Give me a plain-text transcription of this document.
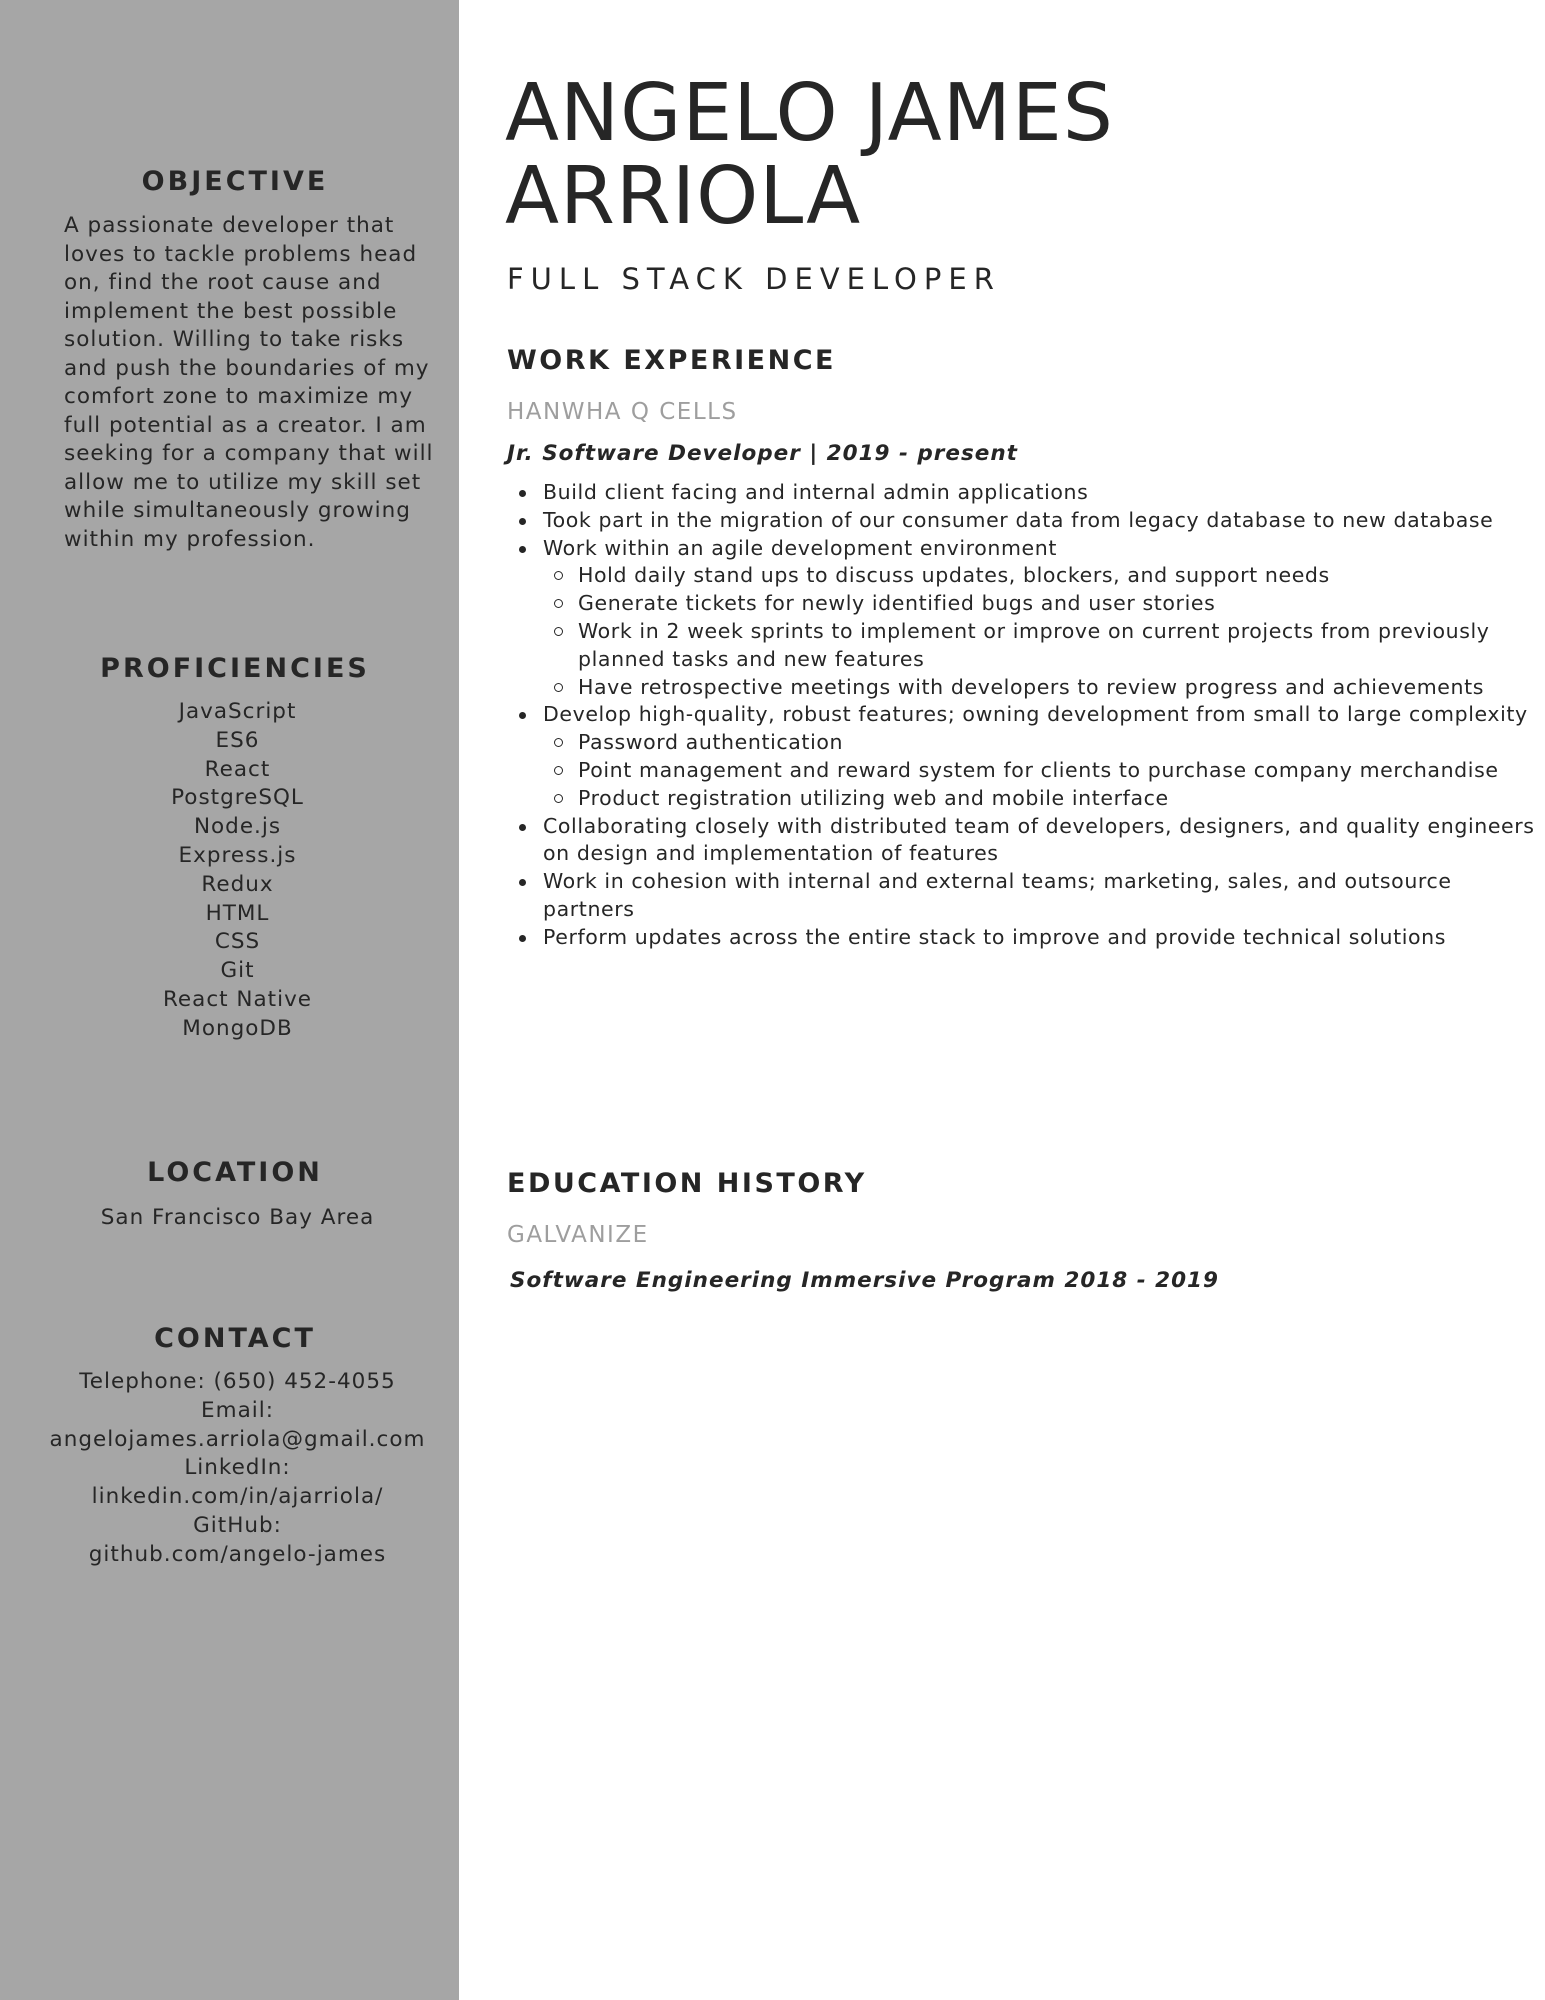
OBJECTIVE

A passionate developer that loves to tackle problems head on, find the root cause and implement the best possible solution. Willing to take risks and push the boundaries of my comfort zone to maximize my full potential as a creator. I am seeking for a company that will allow me to utilize my skill set while simultaneously growing within my profession.

PROFICIENCIES
JavaScript
ES6
React
PostgreSQL
Node.js
Express.js
Redux
HTML
CSS
Git
React Native
MongoDB
LOCATION

San Francisco Bay Area

CONTACT
Telephone: (650) 452-4055
Email:
angelojames.arriola@gmail.com
LinkedIn:
linkedin.com/in/ajarriola/
GitHub:
github.com/angelo-james
ANGELO JAMES
ARRIOLA
FULL STACK DEVELOPER
WORK EXPERIENCE

HANWHA Q CELLS

Jr. Software Developer | 2019 - present

Build client facing and internal admin applications
Took part in the migration of our consumer data from legacy database to new database
Work within an agile development environment
Hold daily stand ups to discuss updates, blockers, and support needs
Generate tickets for newly identified bugs and user stories
Work in 2 week sprints to implement or improve on current projects from previously planned tasks and new features
Have retrospective meetings with developers to review progress and achievements
Develop high-quality, robust features; owning development from small to large complexity
Password authentication
Point management and reward system for clients to purchase company merchandise
Product registration utilizing web and mobile interface
Collaborating closely with distributed team of developers, designers, and quality engineers on design and implementation of features
Work in cohesion with internal and external teams; marketing, sales, and outsource partners
Perform updates across the entire stack to improve and provide technical solutions
EDUCATION HISTORY

GALVANIZE

Software Engineering Immersive Program 2018 - 2019
